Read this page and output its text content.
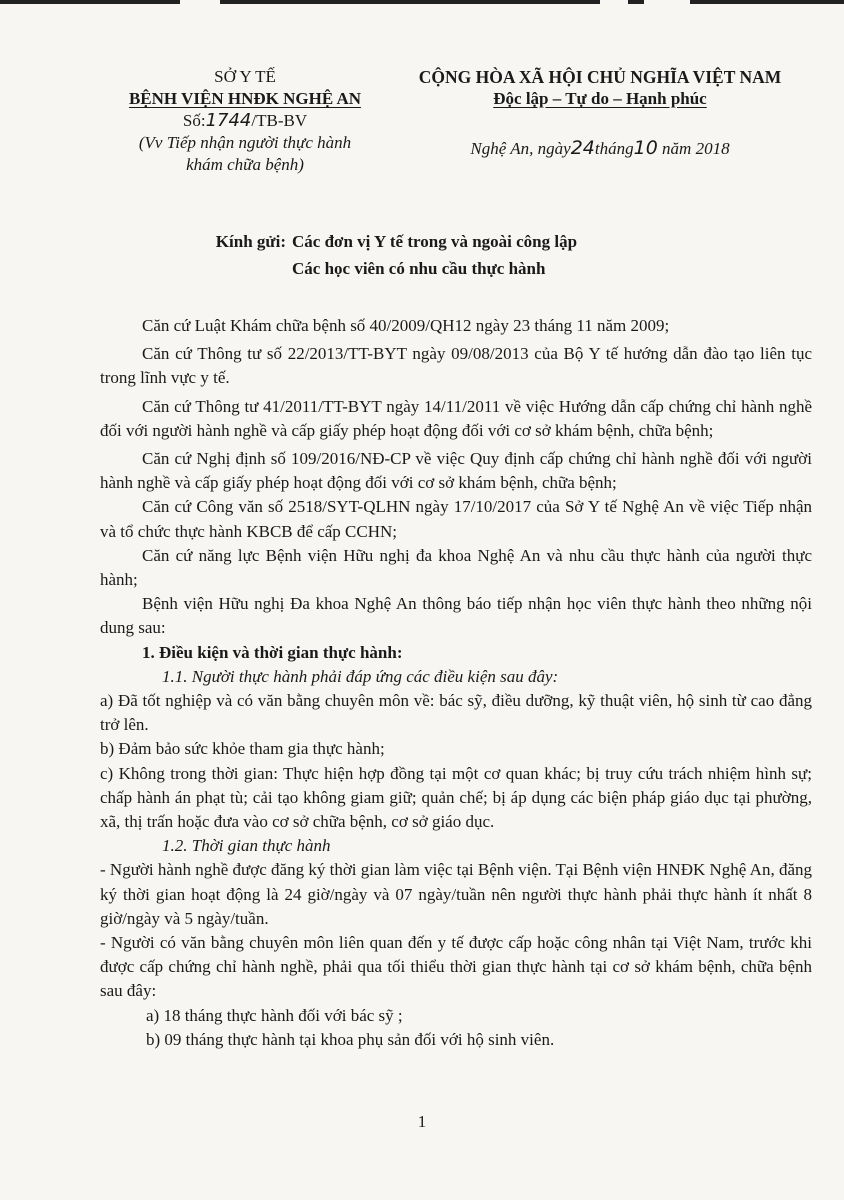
SỞ Y TẾ
BỆNH VIỆN HNĐK NGHỆ AN
Số:1744/TB-BV
(Vv Tiếp nhận người thực hành
khám chữa bệnh)
CỘNG HÒA XÃ HỘI CHỦ NGHĨA VIỆT NAM
Độc lập – Tự do – Hạnh phúc
Nghệ An, ngày24tháng10 năm 2018
Kính gửi: Các đơn vị Y tế trong và ngoài công lập
Các học viên có nhu cầu thực hành

Căn cứ Luật Khám chữa bệnh số 40/2009/QH12 ngày 23 tháng 11 năm 2009;

Căn cứ Thông tư số 22/2013/TT-BYT ngày 09/08/2013 của Bộ Y tế hướng dẫn đào tạo liên tục trong lĩnh vực y tế.

Căn cứ Thông tư 41/2011/TT-BYT ngày 14/11/2011 về việc Hướng dẫn cấp chứng chỉ hành nghề đối với người hành nghề và cấp giấy phép hoạt động đối với cơ sở khám bệnh, chữa bệnh;

Căn cứ Nghị định số 109/2016/NĐ-CP về việc Quy định cấp chứng chỉ hành nghề đối với người hành nghề và cấp giấy phép hoạt động đối với cơ sở khám bệnh, chữa bệnh;

Căn cứ Công văn số 2518/SYT-QLHN ngày 17/10/2017 của Sở Y tế Nghệ An về việc Tiếp nhận và tổ chức thực hành KBCB để cấp CCHN;

Căn cứ năng lực Bệnh viện Hữu nghị đa khoa Nghệ An và nhu cầu thực hành của người thực hành;

Bệnh viện Hữu nghị Đa khoa Nghệ An thông báo tiếp nhận học viên thực hành theo những nội dung sau:

1. Điều kiện và thời gian thực hành:

1.1. Người thực hành phải đáp ứng các điều kiện sau đây:

a) Đã tốt nghiệp và có văn bằng chuyên môn về: bác sỹ, điều dưỡng, kỹ thuật viên, hộ sinh từ cao đẳng trở lên.

b) Đảm bảo sức khỏe tham gia thực hành;

c) Không trong thời gian: Thực hiện hợp đồng tại một cơ quan khác; bị truy cứu trách nhiệm hình sự; chấp hành án phạt tù; cải tạo không giam giữ; quản chế; bị áp dụng các biện pháp giáo dục tại phường, xã, thị trấn hoặc đưa vào cơ sở chữa bệnh, cơ sở giáo dục.

1.2. Thời gian thực hành

- Người hành nghề được đăng ký thời gian làm việc tại Bệnh viện. Tại Bệnh viện HNĐK Nghệ An, đăng ký thời gian hoạt động là 24 giờ/ngày và 07 ngày/tuần nên người thực hành phải thực hành ít nhất 8 giờ/ngày và 5 ngày/tuần.

- Người có văn bằng chuyên môn liên quan đến y tế được cấp hoặc công nhân tại Việt Nam, trước khi được cấp chứng chỉ hành nghề, phải qua tối thiểu thời gian thực hành tại cơ sở khám bệnh, chữa bệnh sau đây:

a) 18 tháng thực hành đối với bác sỹ ;

b) 09 tháng thực hành tại khoa phụ sản đối với hộ sinh viên.

1
